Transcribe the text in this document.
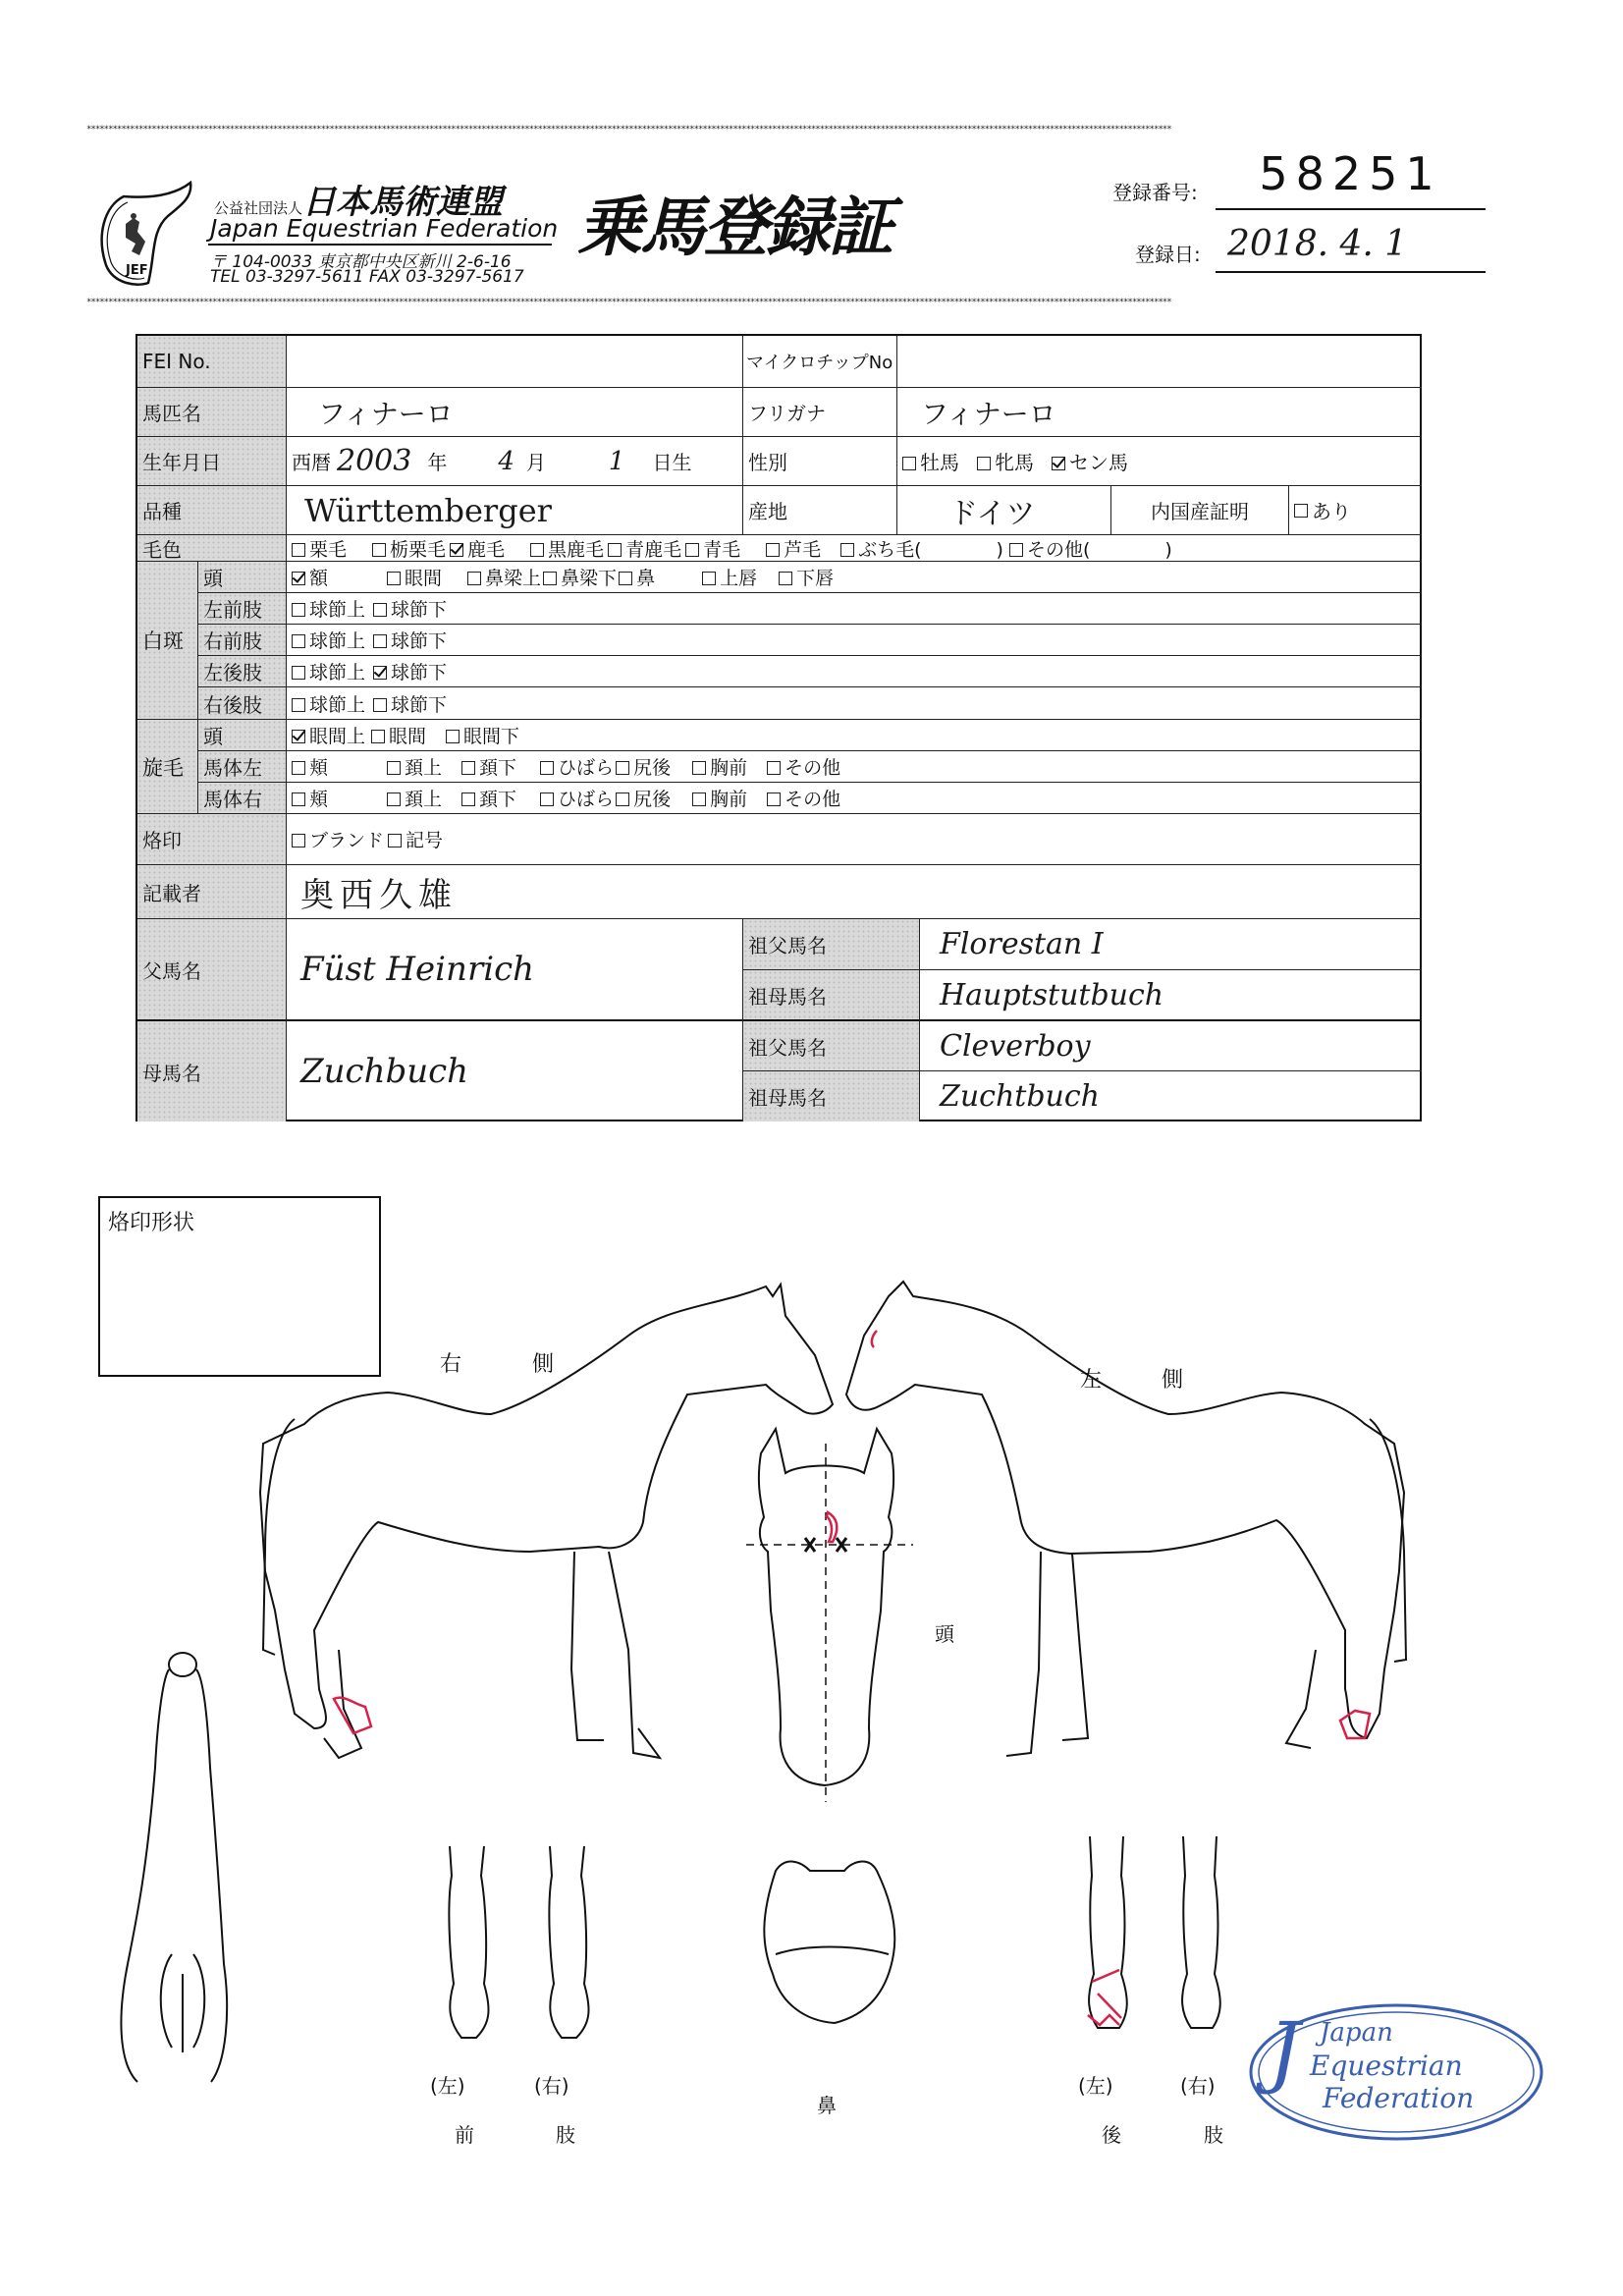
**********************************************************************************************************************************************************************************************************************************************************
**********************************************************************************************************************************************************************************************************************************************************
JEF
公益社団法人日本馬術連盟
Japan Equestrian Federation
〒 104-0033 東京都中央区新川 2-6-16
TEL 03-3297-5611 FAX 03-3297-5617
乗馬登録証	登録番号:	58251
登録日: 2018. 4. 1
FEI No.	マイクロチップNo
馬匹名	フィナーロ	フリガナ	フィナーロ
生年月日	西暦 2003 年 4 月 1 日生	性別	牡馬	牝馬	セン馬
品種	Württemberger	産地	ドイツ	内国産証明	あり
毛色	栗毛	栃栗毛	鹿毛	黒鹿毛	青鹿毛	青毛	芦毛	ぶち毛(　　　　)	その他(　　　　)
白斑
頭	額	眼間	鼻梁上	鼻梁下	鼻	上唇	下唇
左前肢	球節上	球節下
右前肢	球節上	球節下
左後肢	球節上	球節下
右後肢	球節上	球節下
旋毛
頭	眼間上	眼間	眼間下
馬体左	頬	頚上	頚下	ひばら	尻後	胸前	その他
馬体右	頬	頚上	頚下	ひばら	尻後	胸前	その他
烙印	ブランド	記号
記載者	奥西久雄
父馬名	Füst Heinrich
祖父馬名	Florestan I
祖母馬名	Hauptstutbuch
母馬名	Zuchbuch
祖父馬名	Cleverboy
祖母馬名	Zuchtbuch
烙印形状
右	側
左	側
頭
鼻
(左)	(右)
前	肢
(左)	(右)
後	肢
J Japan
Equestrian
Federation
